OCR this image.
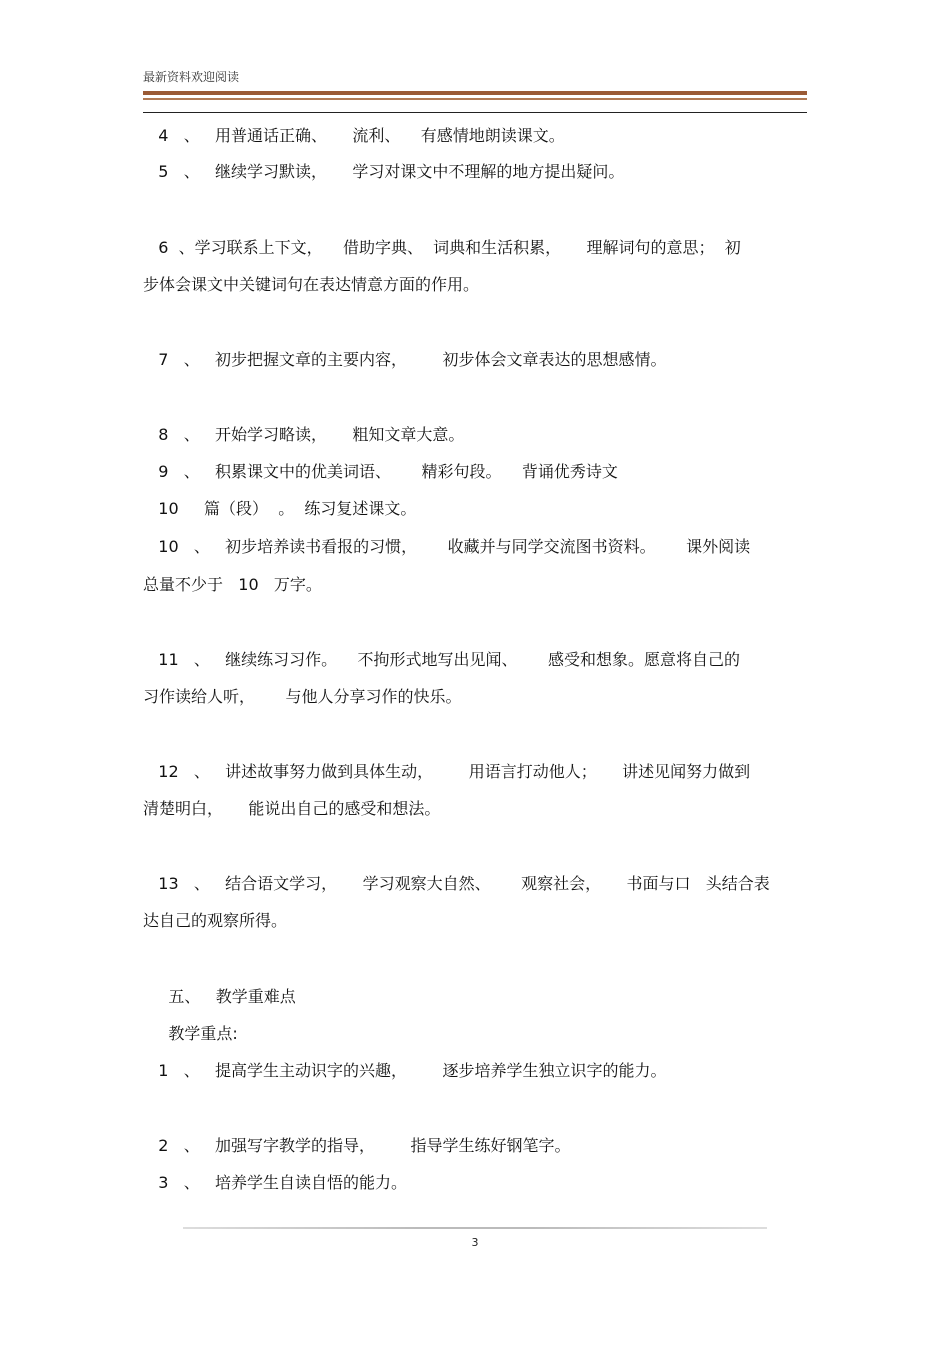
最新资料欢迎阅读
4   、   用普通话正确、     流利、    有感情地朗读课文。
5   、   继续学习默读，     学习对课文中不理解的地方提出疑问。
6  、学习联系上下文，    借助字典、  词典和生活积累，     理解词句的意思；  初
步体会课文中关键词句在表达情意方面的作用。
7   、   初步把握文章的主要内容，       初步体会文章表达的思想感情。
8   、   开始学习略读，     粗知文章大意。
9   、   积累课文中的优美词语、      精彩句段。    背诵优秀诗文
10     篇（段）  。  练习复述课文。
10   、   初步培养读书看报的习惯，      收藏并与同学交流图书资料。      课外阅读
总量不少于   10   万字。
11   、   继续练习习作。    不拘形式地写出见闻、      感受和想象。愿意将自己的
习作读给人听，      与他人分享习作的快乐。
12   、   讲述故事努力做到具体生动，       用语言打动他人；     讲述见闻努力做到
清楚明白，     能说出自己的感受和想法。
13   、   结合语文学习，     学习观察大自然、      观察社会，     书面与口   头结合表
达自己的观察所得。
五、   教学重难点
教学重点:
1   、   提高学生主动识字的兴趣，       逐步培养学生独立识字的能力。
2   、   加强写字教学的指导，       指导学生练好钢笔字。
3   、   培养学生自读自悟的能力。
3
